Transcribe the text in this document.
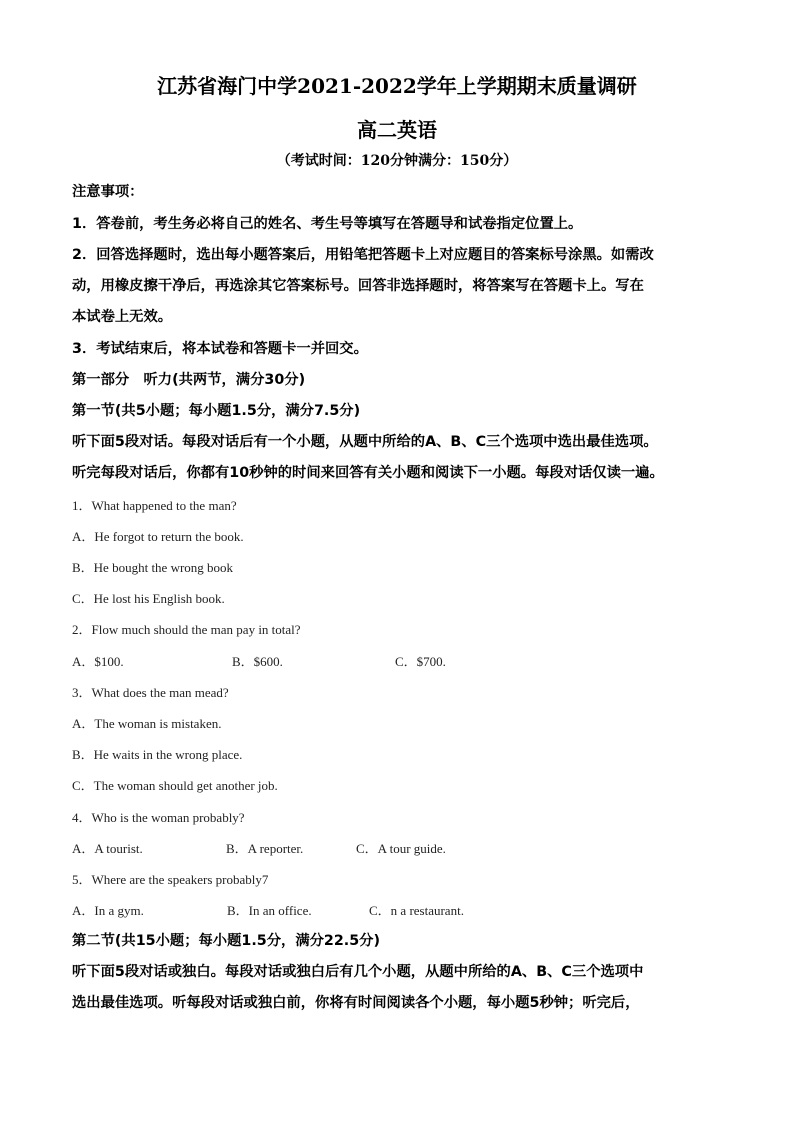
江苏省海门中学2021-2022学年上学期期末质量调研
高二英语
（考试时间：120分钟满分：150分）
注意事项：
1．答卷前，考生务必将自己的姓名、考生号等填写在答题导和试卷指定位置上。
2．回答选择题时，选出每小题答案后，用铅笔把答题卡上对应题目的答案标号涂黑。如需改
动，用橡皮擦干净后，再选涂其它答案标号。回答非选择题时，将答案写在答题卡上。写在
本试卷上无效。
3．考试结束后，将本试卷和答题卡一并回交。
第一部分　听力(共两节，满分30分)
第一节(共5小题；每小题1.5分，满分7.5分)
听下面5段对话。每段对话后有一个小题，从题中所给的A、B、C三个选项中选出最佳选项。
听完每段对话后，你都有10秒钟的时间来回答有关小题和阅读下一小题。每段对话仅读一遍。
1．What happened to the man?
A．He forgot to return the book.
B．He bought the wrong book
C．He lost his English book.
2．Flow much should the man pay in total?
A．$100.	B．$600.	C．$700.
3．What does the man mead?
A．The woman is mistaken.
B．He waits in the wrong place.
C．The woman should get another job.
4．Who is the woman probably?
A．A tourist.	B．A reporter.	C．A tour guide.
5．Where are the speakers probably7
A．In a gym.	B．In an office.	C．n a restaurant.
第二节(共15小题；每小题1.5分，满分22.5分)
听下面5段对话或独白。每段对话或独白后有几个小题，从题中所给的A、B、C三个选项中
选出最佳选项。听每段对话或独白前，你将有时间阅读各个小题，每小题5秒钟；听完后，
